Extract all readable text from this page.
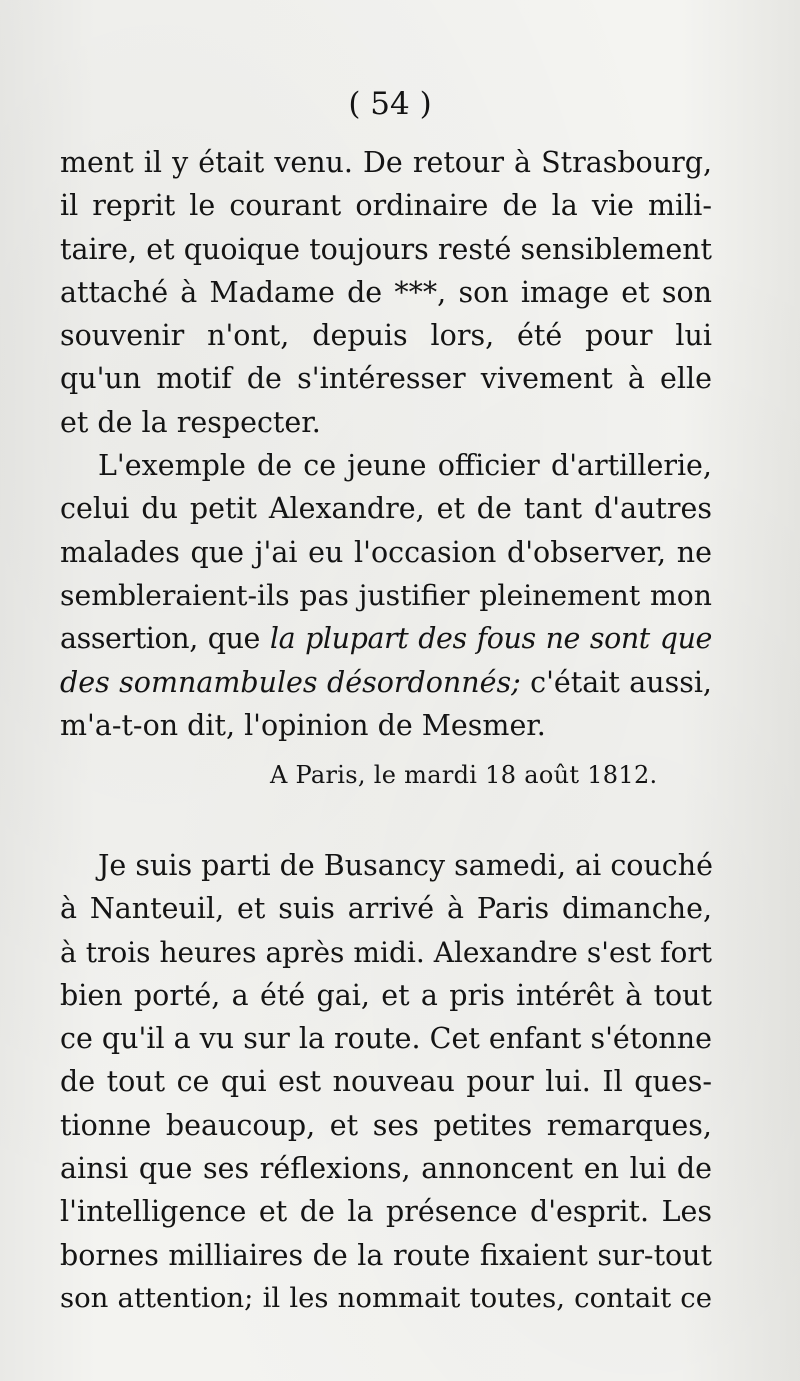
( 54 )
ment il y était venu. De retour à Strasbourg,
il reprit le courant ordinaire de la vie mili-
taire, et quoique toujours resté sensiblement
attaché à Madame de ***, son image et son
souvenir n'ont, depuis lors, été pour lui
qu'un motif de s'intéresser vivement à elle
et de la respecter.
L'exemple de ce jeune officier d'artillerie,
celui du petit Alexandre, et de tant d'autres
malades que j'ai eu l'occasion d'observer, ne
sembleraient-ils pas justifier pleinement mon
assertion, que la plupart des fous ne sont que
des somnambules désordonnés; c'était aussi,
m'a-t-on dit, l'opinion de Mesmer.
A Paris, le mardi 18 août 1812.
Je suis parti de Busancy samedi, ai couché
à Nanteuil, et suis arrivé à Paris dimanche,
à trois heures après midi. Alexandre s'est fort
bien porté, a été gai, et a pris intérêt à tout
ce qu'il a vu sur la route. Cet enfant s'étonne
de tout ce qui est nouveau pour lui. Il ques-
tionne beaucoup, et ses petites remarques,
ainsi que ses réflexions, annoncent en lui de
l'intelligence et de la présence d'esprit. Les
bornes milliaires de la route fixaient sur-tout
son attention; il les nommait toutes, contait ce
